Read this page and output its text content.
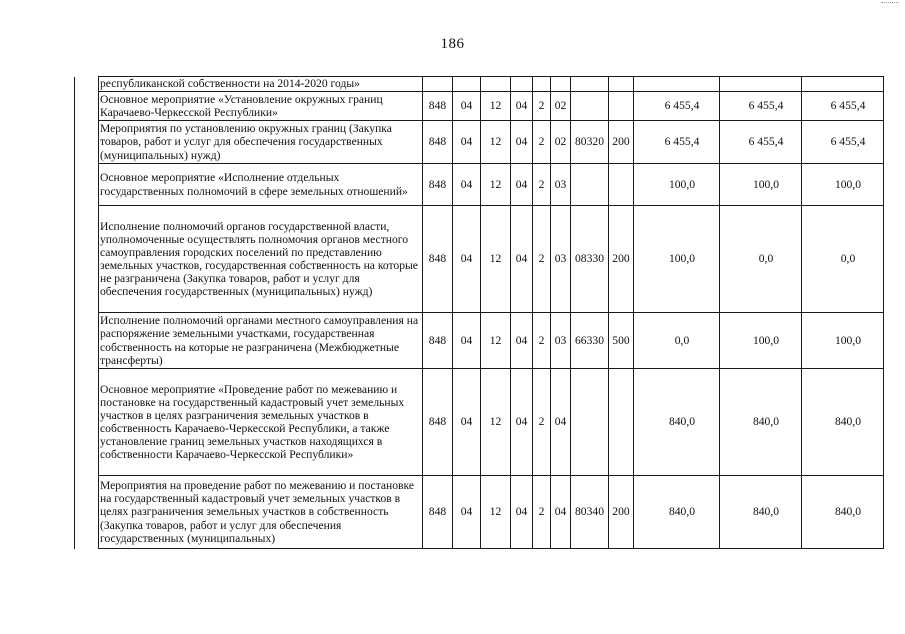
186
	республиканской собственности на 2014-2020 годы»											
	Основное мероприятие «Установление окружных границ Карачаево-Черкесской Республики»	848	04	12	04	2	02			6 455,4	6 455,4	6 455,4
	Мероприятия по установлению окружных границ (Закупка товаров, работ и услуг для обеспечения государственных (муниципальных) нужд)	848	04	12	04	2	02	80320	200	6 455,4	6 455,4	6 455,4
	Основное мероприятие «Исполнение отдельных государственных полномочий в сфере земельных отношений»	848	04	12	04	2	03			100,0	100,0	100,0
	Исполнение полномочий органов государственной власти, уполномоченные осуществлять полномочия органов местного самоуправления городских поселений по представлению земельных участков, государственная собственность на которые не разграничена (Закупка товаров, работ и услуг для обеспечения государственных (муниципальных) нужд)	848	04	12	04	2	03	08330	200	100,0	0,0	0,0
	Исполнение полномочий органами местного самоуправления на распоряжение земельными участками, государственная собственность на которые не разграничена (Межбюджетные трансферты)	848	04	12	04	2	03	66330	500	0,0	100,0	100,0
	Основное мероприятие «Проведение работ по межеванию и постановке на государственный кадастровый учет земельных участков в целях разграничения земельных участков в собственность Карачаево-Черкесской Республики, а также установление границ земельных участков находящихся в собственности Карачаево-Черкесской Республики»	848	04	12	04	2	04			840,0	840,0	840,0
	Мероприятия на проведение работ по межеванию и постановке на государственный кадастровый учет земельных участков в целях разграничения земельных участков в собственность (Закупка товаров, работ и услуг для обеспечения государственных (муниципальных)	848	04	12	04	2	04	80340	200	840,0	840,0	840,0
